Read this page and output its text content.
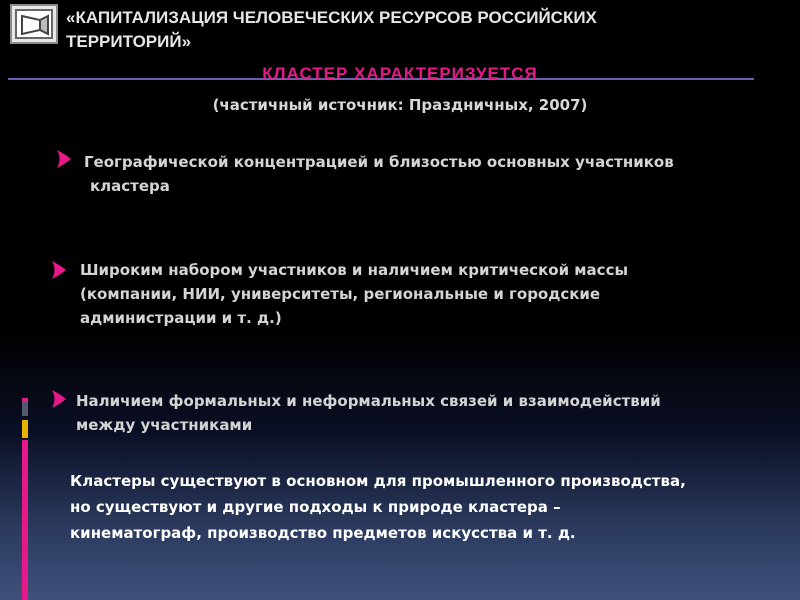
«КАПИТАЛИЗАЦИЯ ЧЕЛОВЕЧЕСКИХ РЕСУРСОВ РОССИЙСКИХ
ТЕРРИТОРИЙ»
КЛАСТЕР ХАРАКТЕРИЗУЕТСЯ
(частичный источник: Праздничных, 2007)
Географической концентрацией и близостью основных участников
кластера
Широким набором участников и наличием критической массы
(компании, НИИ, университеты, региональные и городские
администрации и т. д.)
Наличием формальных и неформальных связей и взаимодействий
между участниками
Кластеры существуют в основном для промышленного производства,
но существуют и другие подходы к природе кластера –
кинематограф, производство предметов искусства и т. д.
